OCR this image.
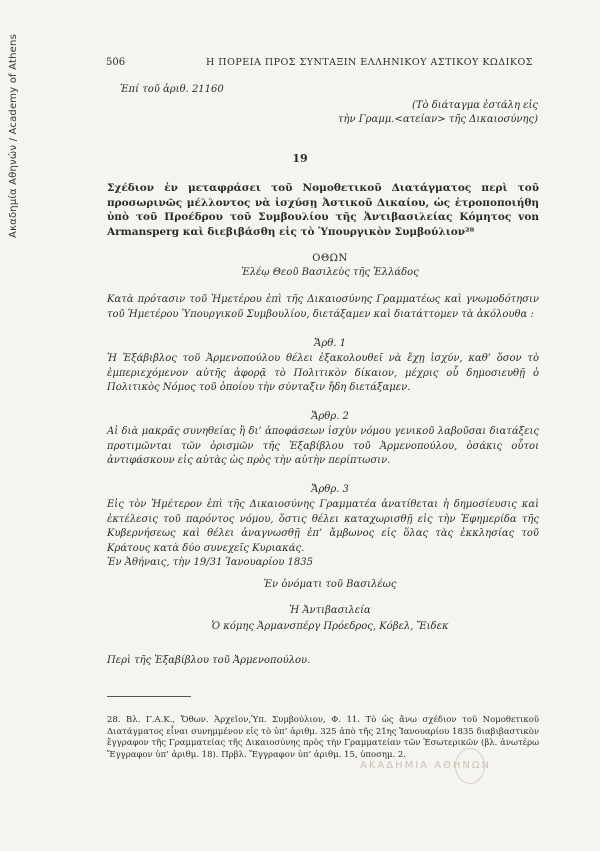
Ακαδημία Αθηνών / Academy of Athens	506	Η ΠΟΡΕΙΑ ΠΡΟΣ ΣΥΝΤΑΞΙΝ ΕΛΛΗΝΙΚΟΥ ΑΣΤΙΚΟΥ ΚΩΔΙΚΟΣ
Ἐπί τοῦ ἀριθ. 21160
(Τὸ διάταγμα ἐστάλη εἰς
τὴν Γραμμ.<ατείαν> τῆς Δικαιοσύνης)
19
Σχέδιον ἐν μεταφράσει τοῦ Νομοθετικοῦ Διατάγματος περὶ τοῦ προσωρινῶς μέλλοντος νὰ ἰσχύσῃ Ἀστικοῦ Δικαίου, ὡς ἐτροποποιήθη ὑπὸ τοῦ Προέδρου τοῦ Συμβουλίου τῆς Ἀντιβασιλείας Κόμητος von Armansperg καὶ διεβιβάσθη εἰς τὸ Ὑπουργικὸν Συμβούλιον²⁸
ΟΘΩΝ
Ἐλέῳ Θεοῦ Βασιλεὺς τῆς Ἑλλάδος
Κατὰ πρότασιν τοῦ Ἡμετέρου ἐπὶ τῆς Δικαιοσύνης Γραμματέως καὶ γνωμοδότησιν τοῦ Ἡμετέρου Ὑπουργικοῦ Συμβουλίου, διετάξαμεν καὶ διατάττομεν τὰ ἀκόλουθα :
Ἄρθ. 1
Ἡ Ἑξάβιβλος τοῦ Ἀρμενοπούλου θέλει ἐξακολουθεῖ νὰ ἔχῃ ἰσχύν, καθ’ ὅσον τὸ ἐμπεριεχόμενον αὐτῆς ἀφορᾷ τὸ Πολιτικὸν δίκαιον, μέχρις οὗ δημοσιευθῇ ὁ Πολιτικὸς Νόμος τοῦ ὁποίου τὴν σύνταξιν ἤδη διετάξαμεν.
Ἄρθρ. 2
Αἱ διὰ μακρᾶς συνηθείας ἢ δι’ ἀποφάσεων ἰσχὺν νόμου γενικοῦ λαβοῦσαι διατάξεις προτιμῶνται τῶν ὁρισμῶν τῆς Ἑξαβίβλου τοῦ Ἀρμενοπούλου, ὁσάκις οὗτοι ἀντιφάσκουν εἰς αὐτὰς ὡς πρὸς τὴν αὐτὴν περίπτωσιν.
Ἄρθρ. 3
Εἰς τὸν Ἡμέτερον ἐπὶ τῆς Δικαιοσύνης Γραμματέα ἀνατίθεται ἡ δημοσίευσις καὶ ἐκτέλεσις τοῦ παρόντος νόμου, ὅστις θέλει καταχωρισθῇ εἰς τὴν Ἐφημερίδα τῆς Κυβερνήσεως καὶ θέλει ἀναγνωσθῇ ἐπ’ ἄμβωνος εἰς ὅλας τὰς ἐκκλησίας τοῦ Κράτους κατὰ δύο συνεχεῖς Κυριακάς.
Ἐν Ἀθήναις, τὴν 19/31 Ἰανουαρίου 1835
Ἐν ὀνόματι τοῦ Βασιλέως
Ἡ Ἀντιβασιλεία
Ὁ κόμης Ἀρμανσπέργ Πρόεδρος, Κόβελ, Ἔιδεκ
Περὶ τῆς Ἑξαβίβλου τοῦ Ἀρμενοπούλου.
28. Βλ. Γ.Α.Κ., Ὄθων. Ἀρχεῖον,Ὑπ. Συμβούλιον, Φ. 11. Τὸ ὡς ἄνω σχέδιον τοῦ Νομοθετικοῦ Διατάγματος εἶναι συνημμένον εἰς τὸ ὑπ’ ἀριθμ. 325 ἀπὸ τῆς 21ης Ἰανουαρίου 1835 διαβιβαστικὸν ἔγγραφον τῆς Γραμματείας τῆς Δικαιοσύνης πρὸς τὴν Γραμματείαν τῶν Ἐσωτερικῶν (βλ. ἀνωτέρω Ἔγγραφον ὑπ’ ἀριθμ. 18). Πρβλ. Ἔγγραφον ὑπ’ ἀριθμ. 15, ὑποσημ. 2.
ΑΚΑΔΗΜΙΑ ΑΘΗΝΩΝ
